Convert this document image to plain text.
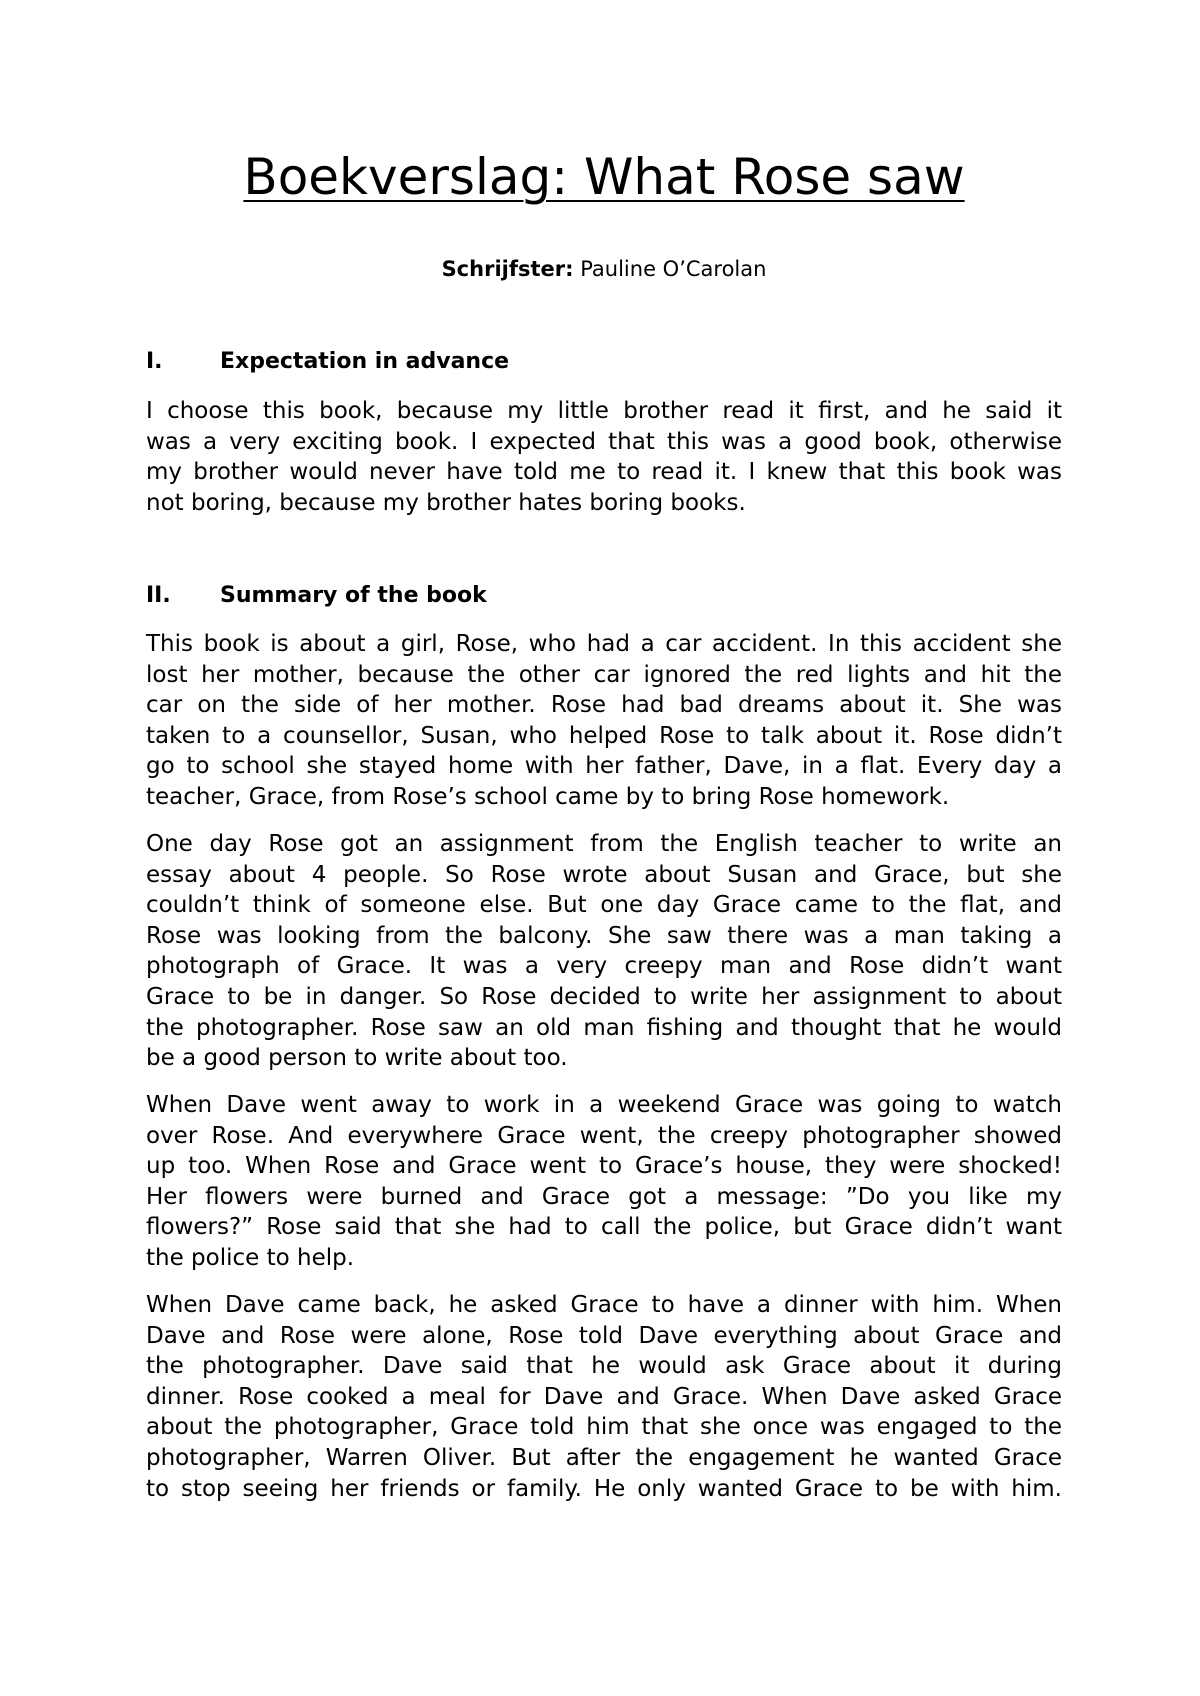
Boekverslag: What Rose saw
Schrijfster: Pauline O’Carolan
I.	Expectation in advance
I choose this book, because my little brother read it first, and he said it
was a very exciting book. I expected that this was a good book, otherwise
my brother would never have told me to read it. I knew that this book was
not boring, because my brother hates boring books.
II. Summary of the book
This book is about a girl, Rose, who had a car accident. In this accident she
lost her mother, because the other car ignored the red lights and hit the
car on the side of her mother. Rose had bad dreams about it. She was
taken to a counsellor, Susan, who helped Rose to talk about it. Rose didn’t
go to school she stayed home with her father, Dave, in a flat. Every day a
teacher, Grace, from Rose’s school came by to bring Rose homework.
One day Rose got an assignment from the English teacher to write an
essay about 4 people. So Rose wrote about Susan and Grace, but she
couldn’t think of someone else. But one day Grace came to the flat, and
Rose was looking from the balcony. She saw there was a man taking a
photograph of Grace. It was a very creepy man and Rose didn’t want
Grace to be in danger. So Rose decided to write her assignment to about
the photographer. Rose saw an old man fishing and thought that he would
be a good person to write about too.
When Dave went away to work in a weekend Grace was going to watch
over Rose. And everywhere Grace went, the creepy photographer showed
up too. When Rose and Grace went to Grace’s house, they were shocked!
Her flowers were burned and Grace got a message: ”Do you like my
flowers?” Rose said that she had to call the police, but Grace didn’t want
the police to help.
When Dave came back, he asked Grace to have a dinner with him. When
Dave and Rose were alone, Rose told Dave everything about Grace and
the photographer. Dave said that he would ask Grace about it during
dinner. Rose cooked a meal for Dave and Grace. When Dave asked Grace
about the photographer, Grace told him that she once was engaged to the
photographer, Warren Oliver. But after the engagement he wanted Grace
to stop seeing her friends or family. He only wanted Grace to be with him.
